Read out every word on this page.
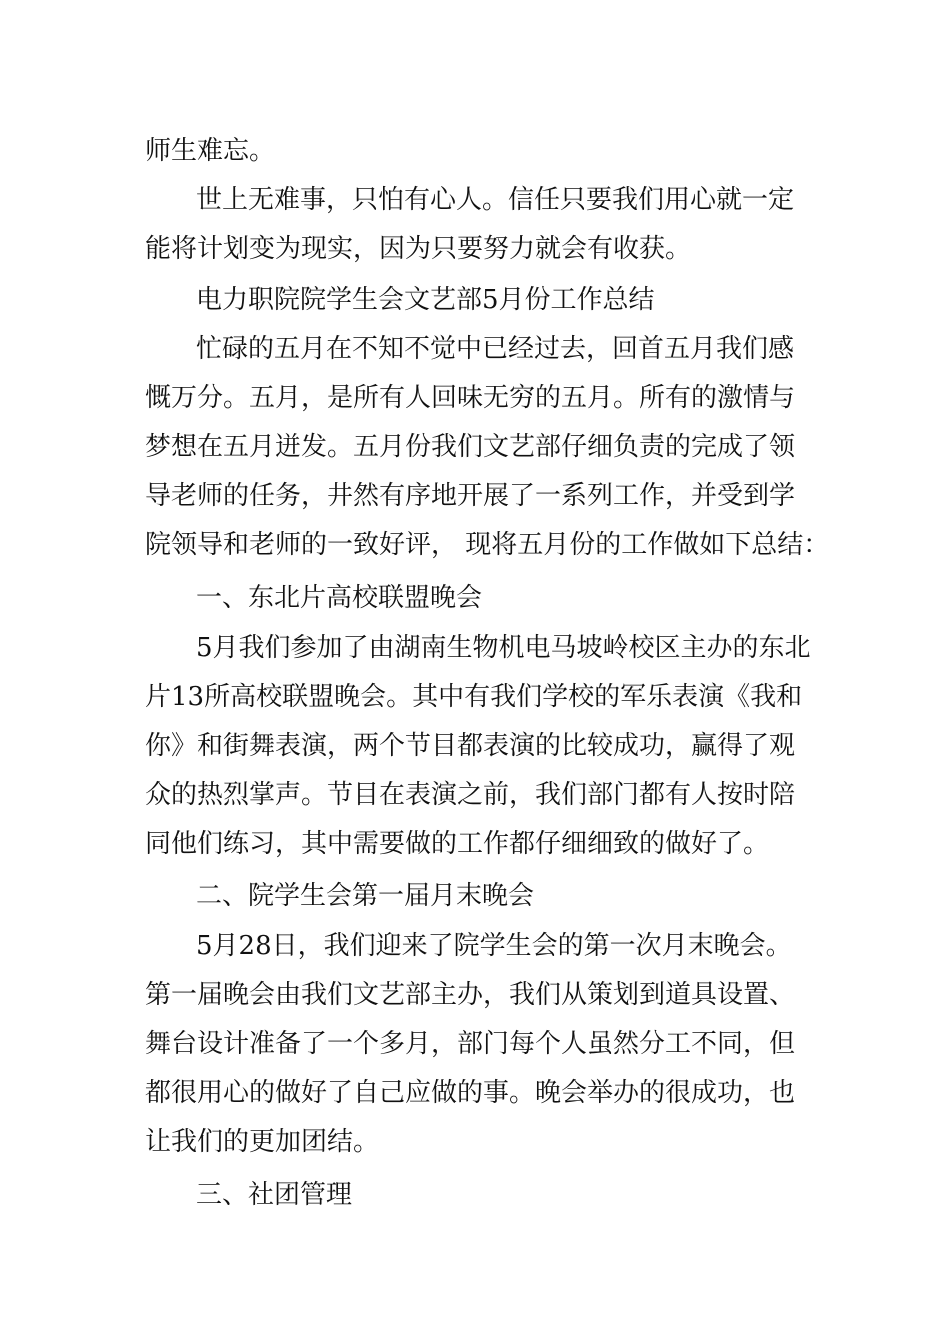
师生难忘。

世上无难事，只怕有心人。信任只要我们用心就一定

能将计划变为现实，因为只要努力就会有收获。

电力职院院学生会文艺部5月份工作总结

忙碌的五月在不知不觉中已经过去，回首五月我们感

慨万分。五月，是所有人回味无穷的五月。所有的激情与

梦想在五月迸发。五月份我们文艺部仔细负责的完成了领

导老师的任务，井然有序地开展了一系列工作，并受到学

院领导和老师的一致好评， 现将五月份的工作做如下总结：

一、东北片高校联盟晚会

5月我们参加了由湖南生物机电马坡岭校区主办的东北

片13所高校联盟晚会。其中有我们学校的军乐表演《我和

你》和街舞表演，两个节目都表演的比较成功，赢得了观

众的热烈掌声。节目在表演之前，我们部门都有人按时陪

同他们练习，其中需要做的工作都仔细细致的做好了。

二、院学生会第一届月末晚会

5月28日，我们迎来了院学生会的第一次月末晚会。

第一届晚会由我们文艺部主办，我们从策划到道具设置、

舞台设计准备了一个多月，部门每个人虽然分工不同，但

都很用心的做好了自己应做的事。晚会举办的很成功，也

让我们的更加团结。

三、社团管理
